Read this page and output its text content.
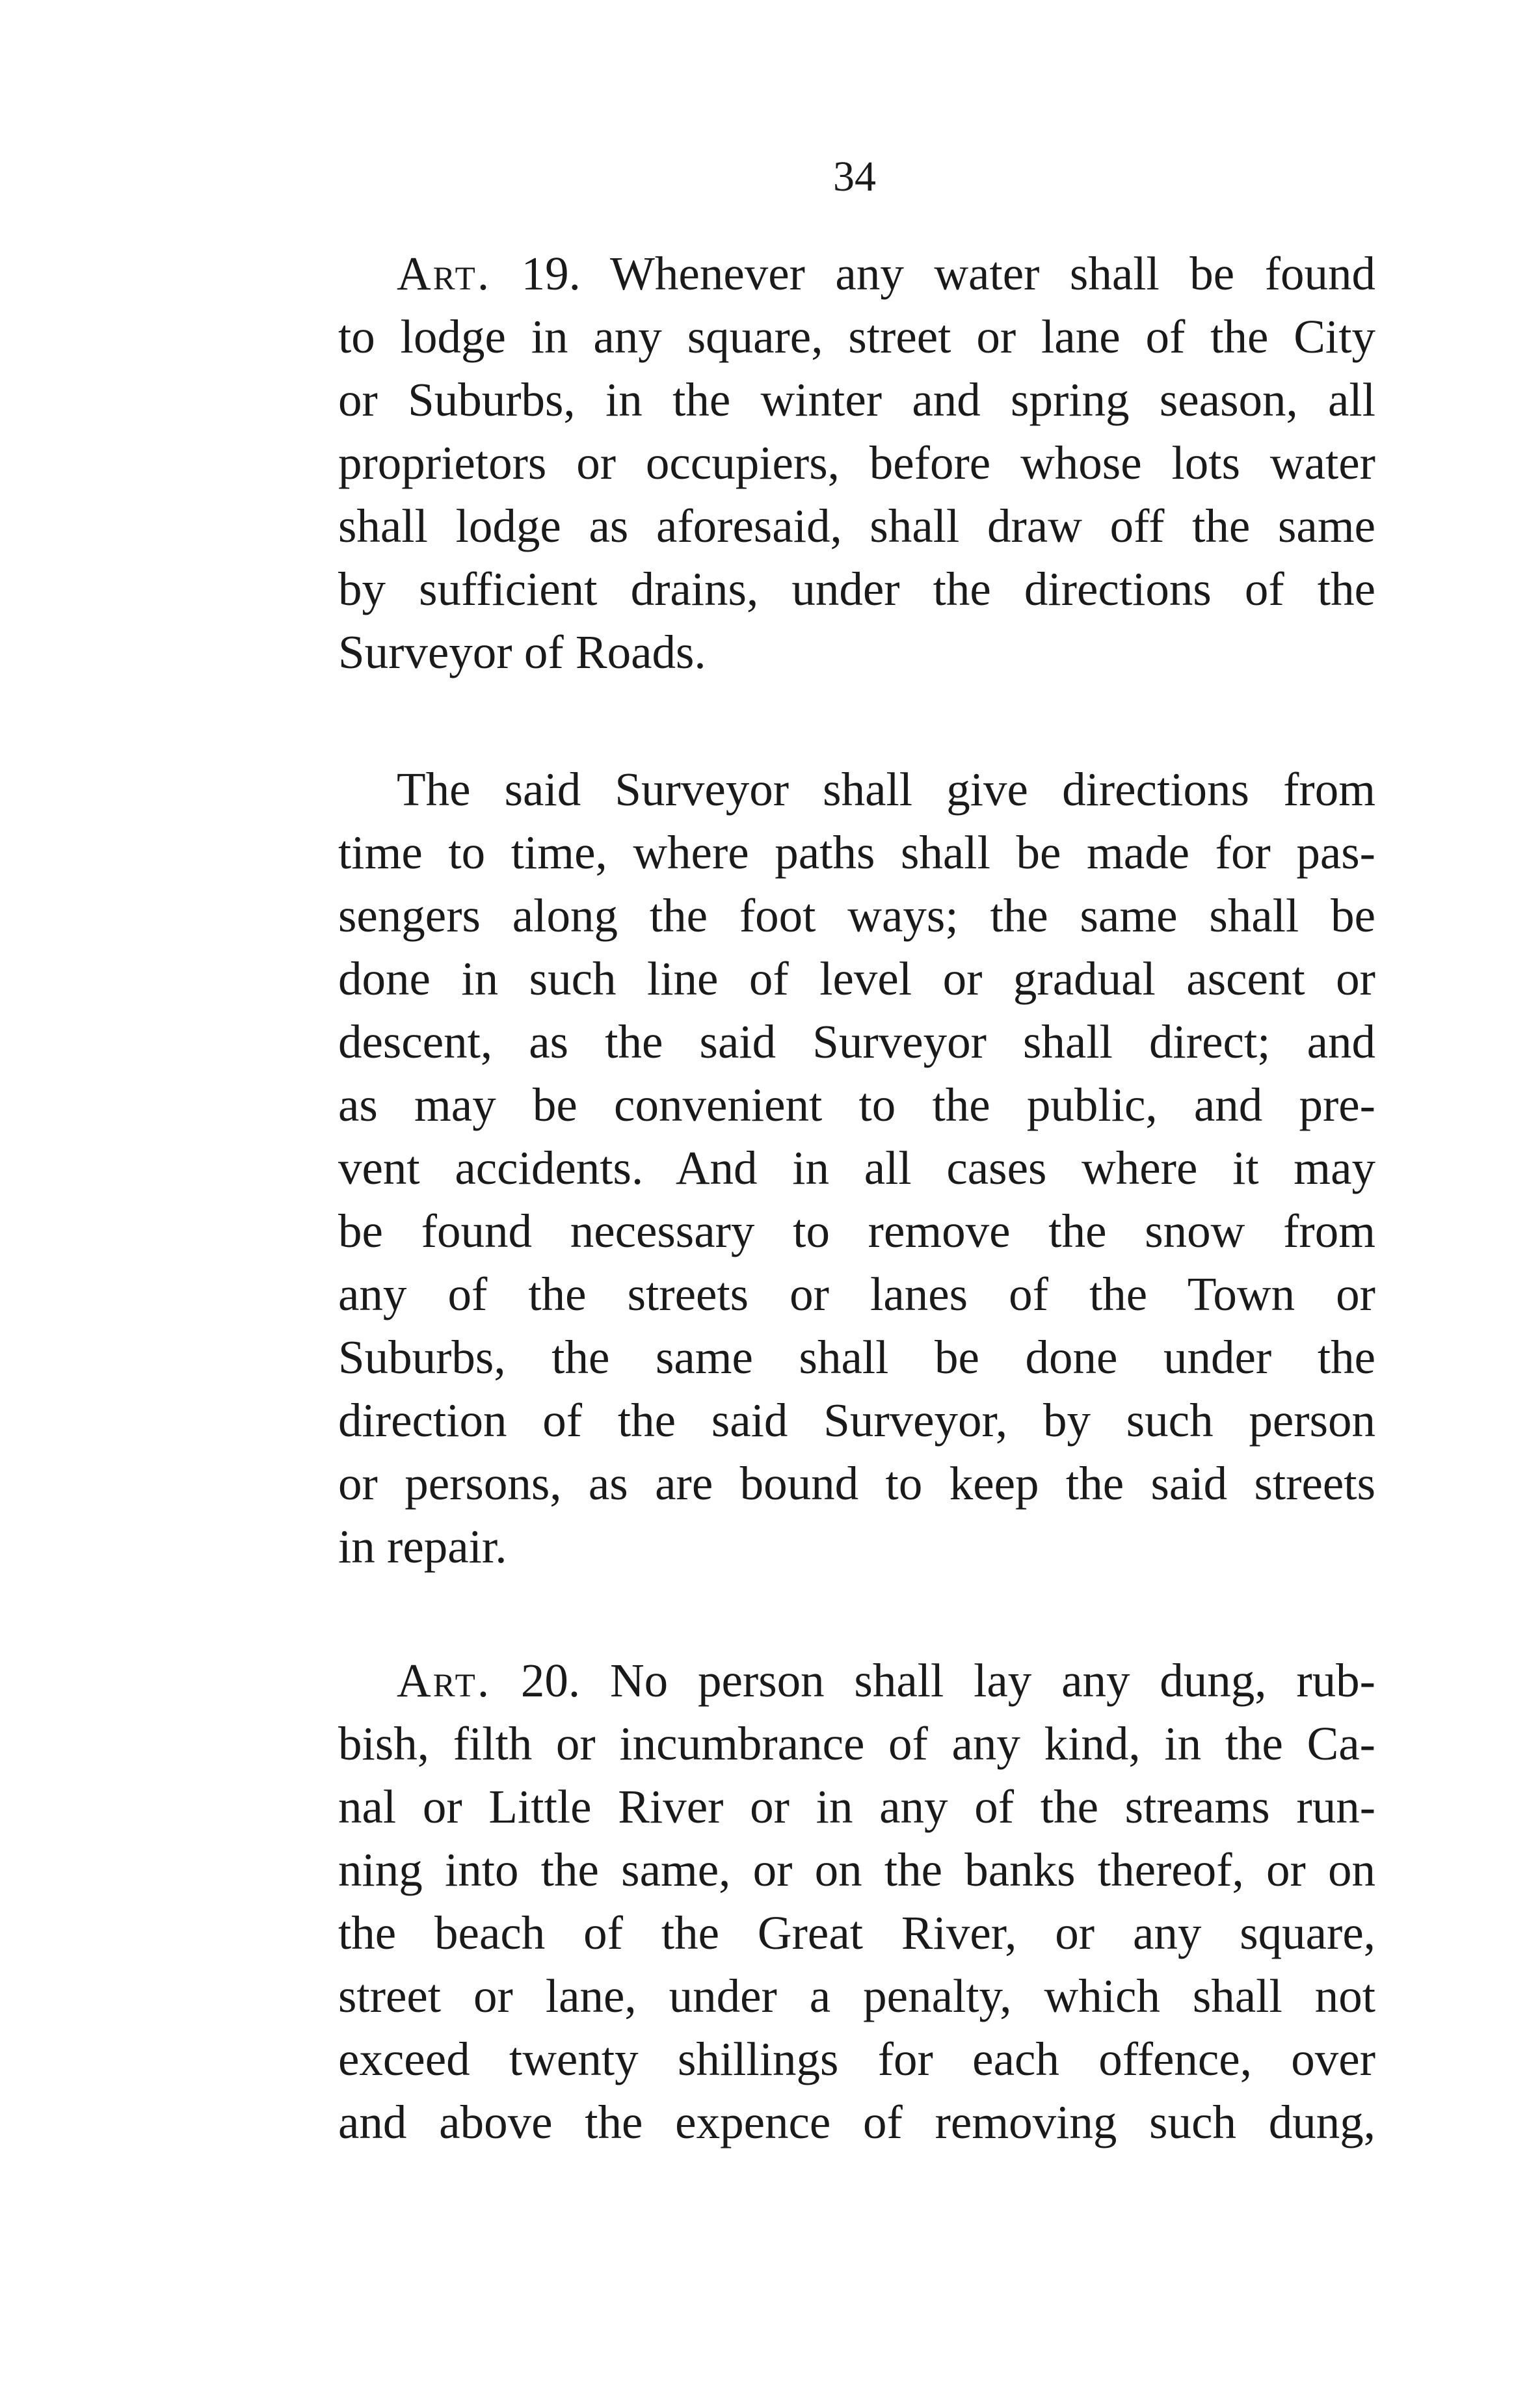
34
Art. 19. Whenever any water shall be found
to lodge in any square, street or lane of the City
or Suburbs, in the winter and spring season, all
proprietors or occupiers, before whose lots water
shall lodge as aforesaid, shall draw off the same
by sufficient drains, under the directions of the
Surveyor of Roads.
The said Surveyor shall give directions from
time to time, where paths shall be made for pas-
sengers along the foot ways; the same shall be
done in such line of level or gradual ascent or
descent, as the said Surveyor shall direct; and
as may be convenient to the public, and pre-
vent accidents. And in all cases where it may
be found necessary to remove the snow from
any of the streets or lanes of the Town or
Suburbs, the same shall be done under the
direction of the said Surveyor, by such person
or persons, as are bound to keep the said streets
in repair.
Art. 20. No person shall lay any dung, rub-
bish, filth or incumbrance of any kind, in the Ca-
nal or Little River or in any of the streams run-
ning into the same, or on the banks thereof, or on
the beach of the Great River, or any square,
street or lane, under a penalty, which shall not
exceed twenty shillings for each offence, over
and above the expence of removing such dung,
